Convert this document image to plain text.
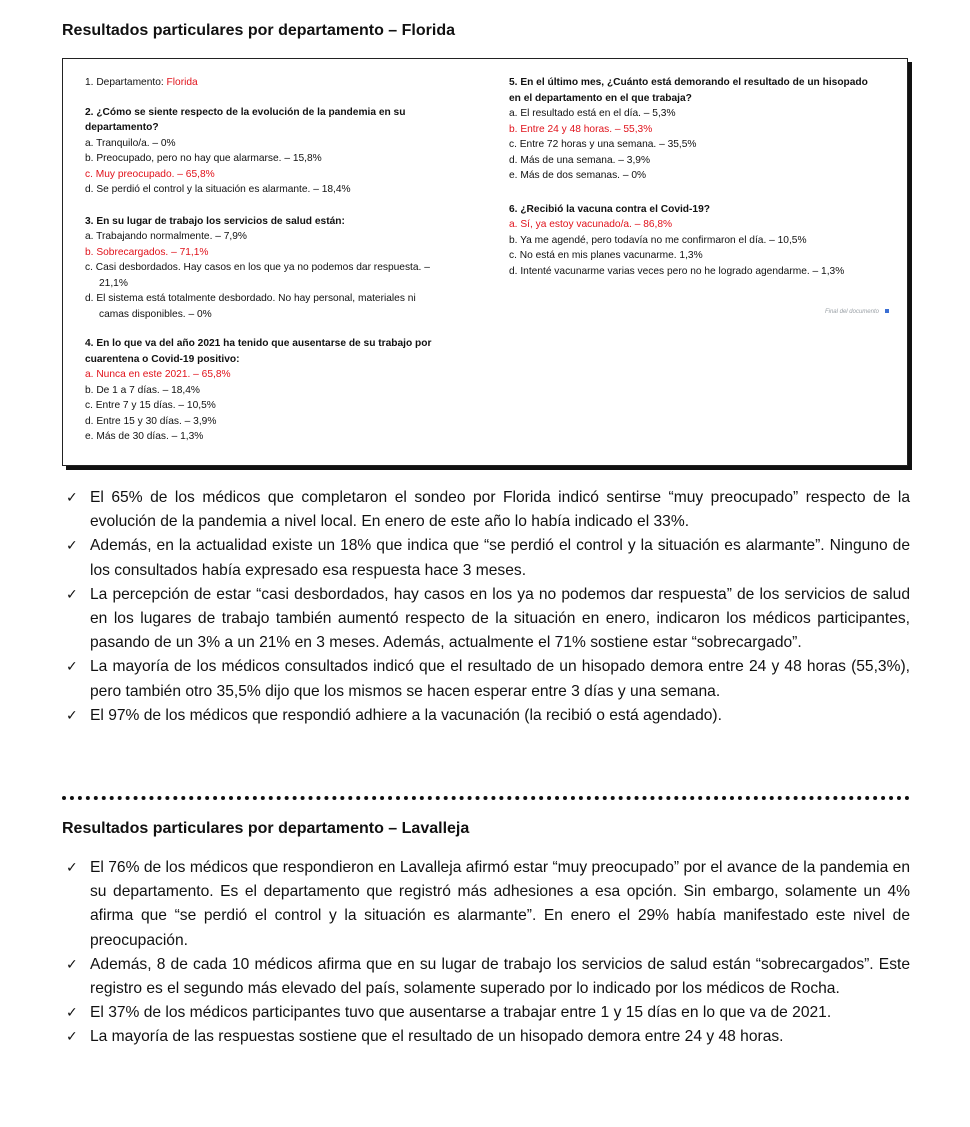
Resultados particulares por departamento – Florida

1. Departamento: Florida

2. ¿Cómo se siente respecto de la evolución de la pandemia en su

departamento?

a. Tranquilo/a. – 0%

b. Preocupado, pero no hay que alarmarse. – 15,8%

c. Muy preocupado. – 65,8%

d. Se perdió el control y la situación es alarmante. – 18,4%

3. En su lugar de trabajo los servicios de salud están:

a. Trabajando normalmente. – 7,9%

b. Sobrecargados. – 71,1%

c. Casi desbordados. Hay casos en los que ya no podemos dar respuesta. – 21,1%

d. El sistema está totalmente desbordado. No hay personal, materiales ni camas disponibles. – 0%

4. En lo que va del año 2021 ha tenido que ausentarse de su trabajo por

cuarentena o Covid-19 positivo:

a. Nunca en este 2021. – 65,8%

b. De 1 a 7 días. – 18,4%

c. Entre 7 y 15 días. – 10,5%

d. Entre 15 y 30 días. – 3,9%

e. Más de 30 días. – 1,3%

5. En el último mes, ¿Cuánto está demorando el resultado de un hisopado

en el departamento en el que trabaja?

a. El resultado está en el día. – 5,3%

b. Entre 24 y 48 horas. – 55,3%

c. Entre 72 horas y una semana. – 35,5%

d. Más de una semana. – 3,9%

e. Más de dos semanas. – 0%

6. ¿Recibió la vacuna contra el Covid-19?

a. Sí, ya estoy vacunado/a. – 86,8%

b. Ya me agendé, pero todavía no me confirmaron el día. – 10,5%

c. No está en mis planes vacunarme. 1,3%

d. Intenté vacunarme varias veces pero no he logrado agendarme. – 1,3%

Final del documento
✓ El 65% de los médicos que completaron el sondeo por Florida indicó sentirse “muy preocupado” respecto de la evolución de la pandemia a nivel local. En enero de este año lo había indicado el 33%.
✓ Además, en la actualidad existe un 18% que indica que “se perdió el control y la situación es alarmante”. Ninguno de los consultados había expresado esa respuesta hace 3 meses.
✓ La percepción de estar “casi desbordados, hay casos en los ya no podemos dar respuesta” de los servicios de salud en los lugares de trabajo también aumentó respecto de la situación en enero, indicaron los médicos participantes, pasando de un 3% a un 21% en 3 meses. Además, actualmente el 71% sostiene estar “sobrecargado”.
✓ La mayoría de los médicos consultados indicó que el resultado de un hisopado demora entre 24 y 48 horas (55,3%), pero también otro 35,5% dijo que los mismos se hacen esperar entre 3 días y una semana.
✓ El 97% de los médicos que respondió adhiere a la vacunación (la recibió o está agendado).
Resultados particulares por departamento – Lavalleja
✓ El 76% de los médicos que respondieron en Lavalleja afirmó estar “muy preocupado” por el avance de la pandemia en su departamento. Es el departamento que registró más adhesiones a esa opción. Sin embargo, solamente un 4% afirma que “se perdió el control y la situación es alarmante”. En enero el 29% había manifestado este nivel de preocupación.
✓ Además, 8 de cada 10 médicos afirma que en su lugar de trabajo los servicios de salud están “sobrecargados”. Este registro es el segundo más elevado del país, solamente superado por lo indicado por los médicos de Rocha.
✓ El 37% de los médicos participantes tuvo que ausentarse a trabajar entre 1 y 15 días en lo que va de 2021.
✓ La mayoría de las respuestas sostiene que el resultado de un hisopado demora entre 24 y 48 horas.
